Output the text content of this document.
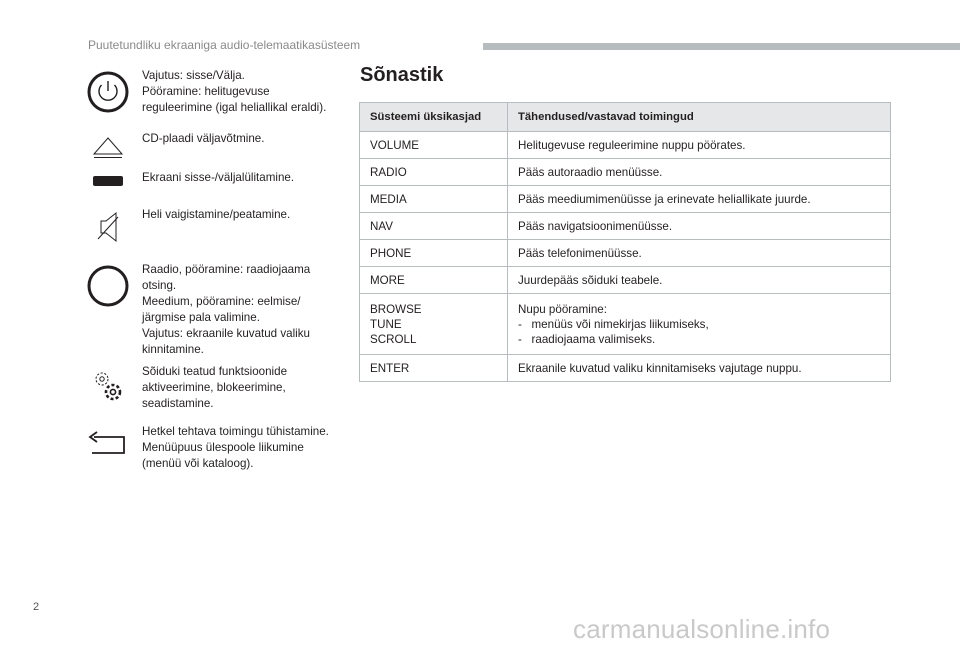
Puutetundliku ekraaniga audio-telemaatikasüsteem
Vajutus: sisse/Välja.
Pööramine: helitugevuse
reguleerimine (igal heliallikal eraldi).
CD-plaadi väljavõtmine.
Ekraani sisse-/väljalülitamine.
Heli vaigistamine/peatamine.
Raadio, pööramine: raadiojaama
otsing.
Meedium, pööramine: eelmise/
järgmise pala valimine.
Vajutus: ekraanile kuvatud valiku
kinnitamine.
Sõiduki teatud funktsioonide
aktiveerimine, blokeerimine,
seadistamine.
Hetkel tehtava toimingu tühistamine.
Menüüpuus ülespoole liikumine
(menüü või kataloog).
Sõnastik
Süsteemi üksikasjad	Tähendused/vastavad toimingud
VOLUME	Helitugevuse reguleerimine nuppu pöörates.
RADIO	Pääs autoraadio menüüsse.
MEDIA	Pääs meediumimenüüsse ja erinevate heliallikate juurde.
NAV	Pääs navigatsioonimenüüsse.
PHONE	Pääs telefonimenüüsse.
MORE	Juurdepääs sõiduki teabele.

BROWSE
TUNE
SCROLL	Nupu pööramine:
-   menüüs või nimekirjas liikumiseks,
-   raadiojaama valimiseks.

ENTER	Ekraanile kuvatud valiku kinnitamiseks vajutage nuppu.
2
carmanualsonline.info
